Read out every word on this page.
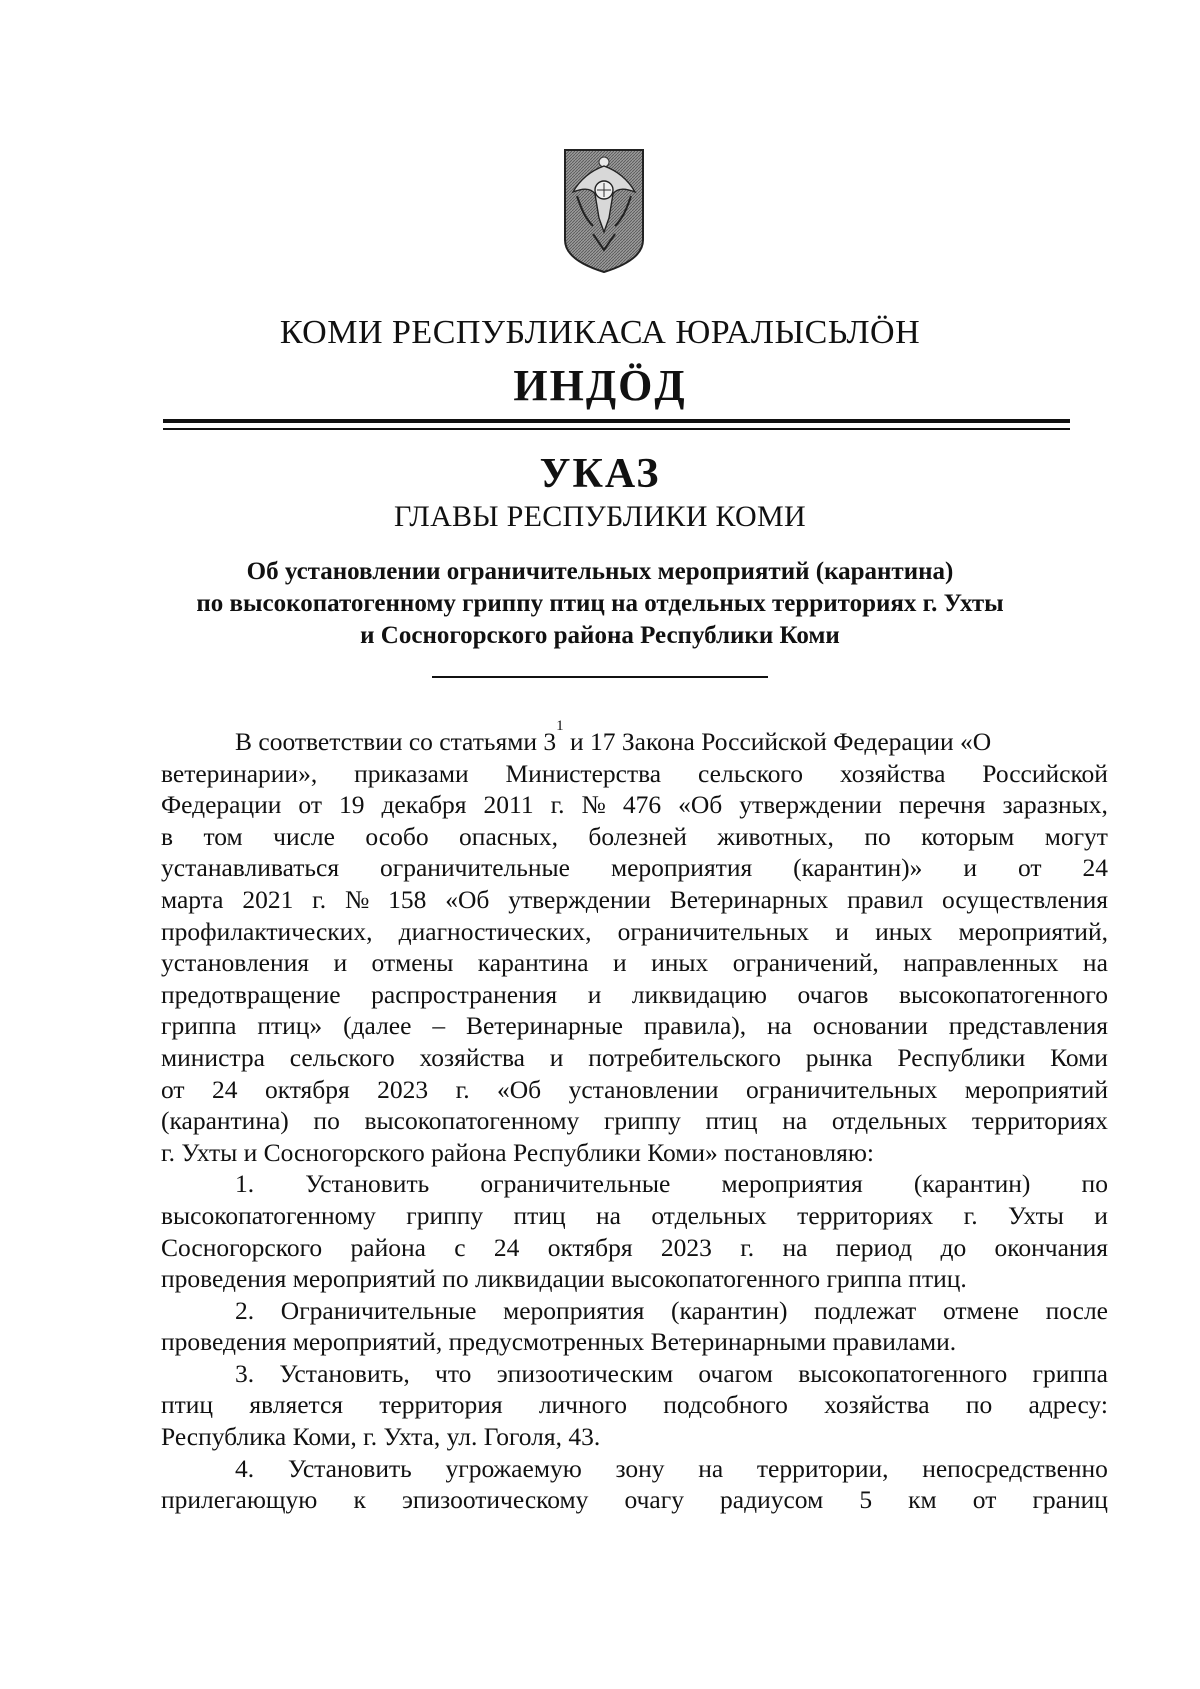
КОМИ РЕСПУБЛИКАСА ЮРАЛЫСЬЛӦН
ИНДӦД
УКАЗ
ГЛАВЫ РЕСПУБЛИКИ КОМИ
Об установлении ограничительных мероприятий (карантина)
по высокопатогенному гриппу птиц на отдельных территориях г. Ухты
и Сосногорского района Республики Коми
В соответствии со статьями 3
1
и 17 Закона Российской Федерации «О
ветеринарии», приказами Министерства сельского хозяйства Российской
Федерации от 19 декабря 2011 г. № 476 «Об утверждении перечня заразных,
в том числе особо опасных, болезней животных, по которым могут
устанавливаться ограничительные мероприятия (карантин)» и от 24
марта 2021 г. № 158 «Об утверждении Ветеринарных правил осуществления
профилактических, диагностических, ограничительных и иных мероприятий,
установления и отмены карантина и иных ограничений, направленных на
предотвращение распространения и ликвидацию очагов высокопатогенного
гриппа птиц» (далее – Ветеринарные правила), на основании представления
министра сельского хозяйства и потребительского рынка Республики Коми
от 24 октября 2023 г. «Об установлении ограничительных мероприятий
(карантина) по высокопатогенному гриппу птиц на отдельных территориях
г. Ухты и Сосногорского района Республики Коми» постановляю:
1. Установить ограничительные мероприятия (карантин) по
высокопатогенному гриппу птиц на отдельных территориях г. Ухты и
Сосногорского района с 24 октября 2023 г. на период до окончания
проведения мероприятий по ликвидации высокопатогенного гриппа птиц.
2. Ограничительные мероприятия (карантин) подлежат отмене после
проведения мероприятий, предусмотренных Ветеринарными правилами.
3. Установить, что эпизоотическим очагом высокопатогенного гриппа
птиц является территория личного подсобного хозяйства по адресу:
Республика Коми, г. Ухта, ул. Гоголя, 43.
4. Установить угрожаемую зону на территории, непосредственно
прилегающую к эпизоотическому очагу радиусом 5 км от границ
